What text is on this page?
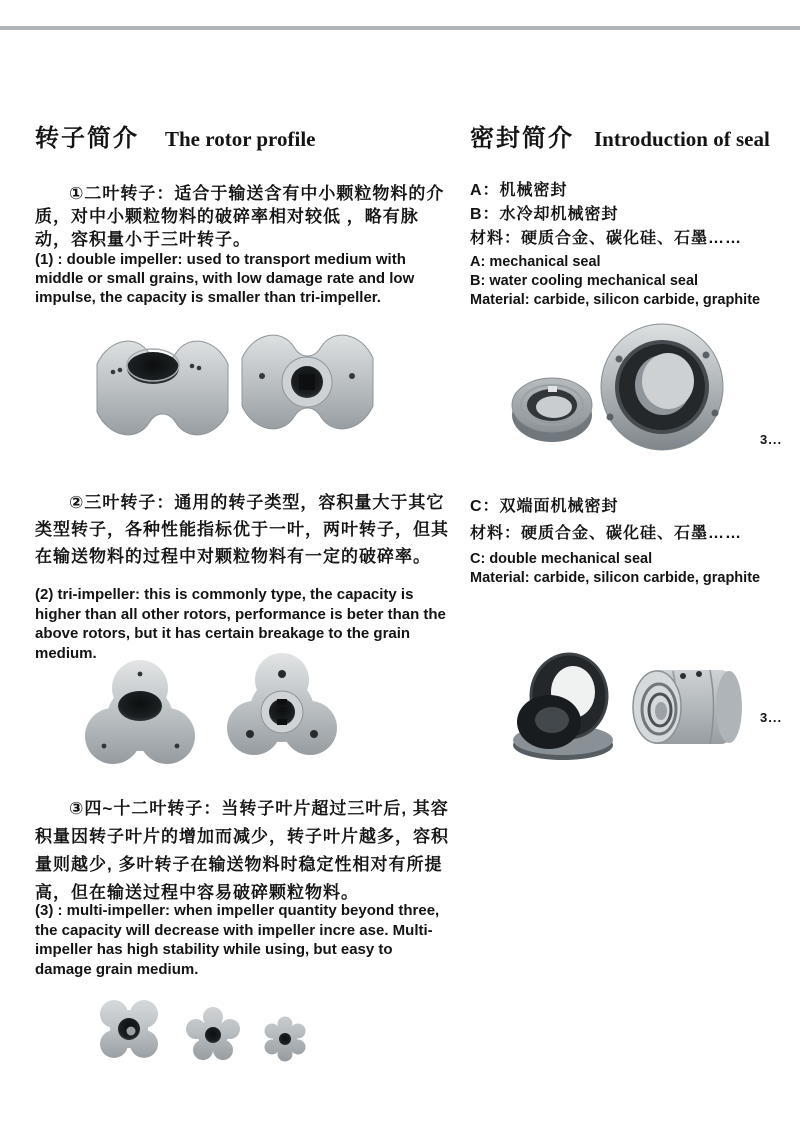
转子简介 The rotor profile

①二叶转子：适合于输送含有中小颗粒物料的介质，对中小颗粒物料的破碎率相对较低 ，略有脉动，容积量小于三叶转子。

(1) : double impeller: used to transport medium with middle or small grains, with low damage rate and low impulse, the capacity is smaller than tri-impeller.

②三叶转子：通用的转子类型，容积量大于其它类型转子，各种性能指标优于一叶，两叶转子，但其在输送物料的过程中对颗粒物料有一定的破碎率。

(2) tri-impeller: this is commonly type, the capacity is higher than all other rotors, performance is beter than the above rotors, but it has certain breakage to the grain medium.

③四~十二叶转子：当转子叶片超过三叶后, 其容积量因转子叶片的增加而减少，转子叶片越多，容积量则越少, 多叶转子在输送物料时稳定性相对有所提高，但在输送过程中容易破碎颗粒物料。

(3) : multi-impeller: when impeller quantity beyond three, the capacity will decrease with impeller incre ase. Multi-impeller has high stability while using, but easy to damage grain medium.

密封简介 Introduction of seal
A：机械密封
B：水冷却机械密封
材料：硬质合金、碳化硅、石墨……
A: mechanical seal
B: water cooling mechanical seal
Material: carbide, silicon carbide, graphite
3...
C：双端面机械密封
材料：硬质合金、碳化硅、石墨……
C: double mechanical seal
Material: carbide, silicon carbide, graphite
3...
